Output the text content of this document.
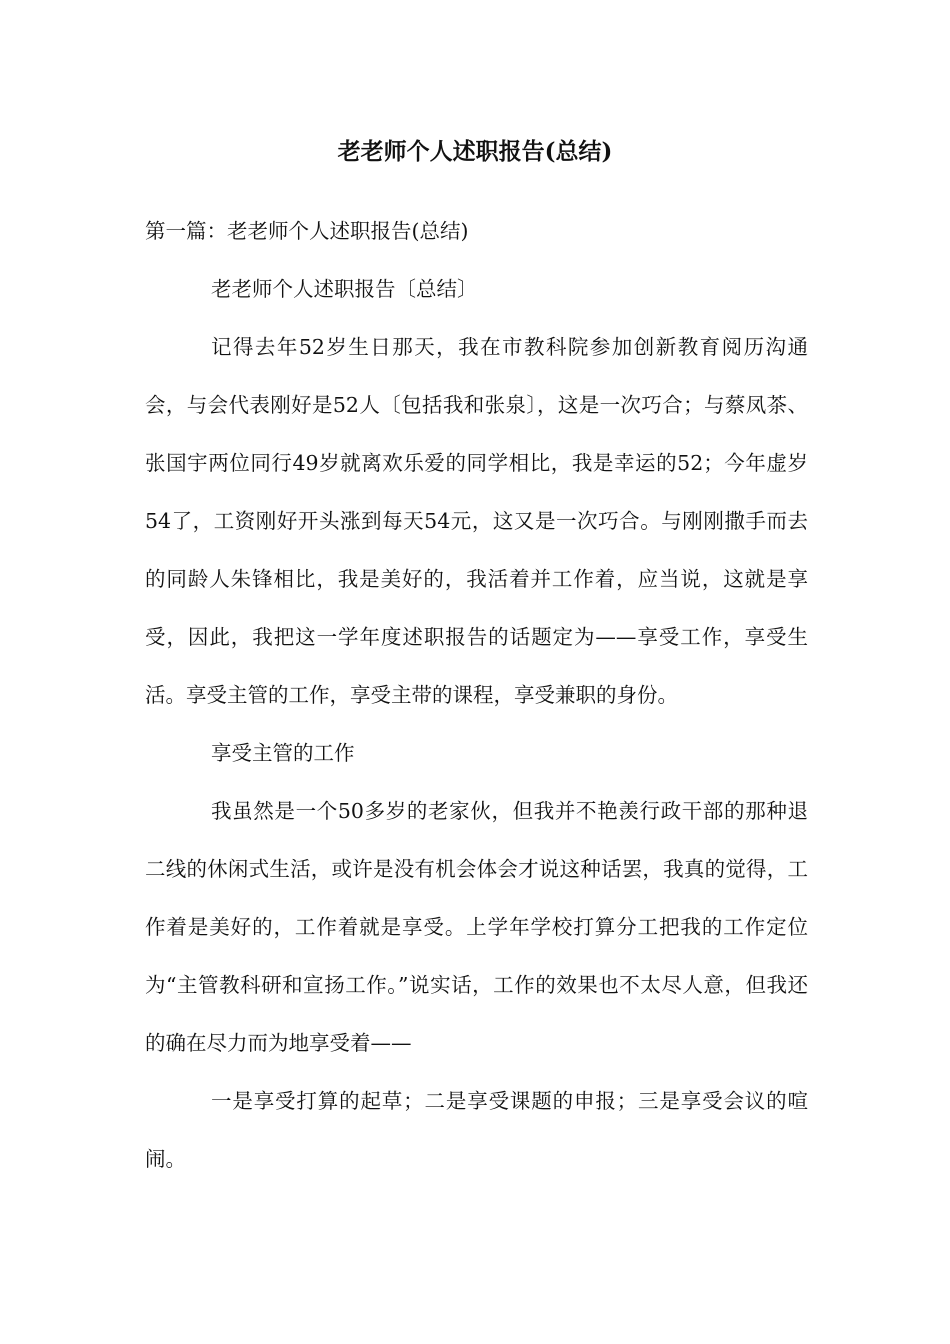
老老师个人述职报告(总结)

第一篇：老老师个人述职报告(总结)

老老师个人述职报告〔总结〕

记得去年52岁生日那天，我在市教科院参加创新教育阅历沟通会，与会代表刚好是52人〔包括我和张泉〕，这是一次巧合；与蔡凤茶、张国宇两位同行49岁就离欢乐爱的同学相比，我是幸运的52；今年虚岁54了，工资刚好开头涨到每天54元，这又是一次巧合。与刚刚撒手而去的同龄人朱锋相比，我是美好的，我活着并工作着，应当说，这就是享受，因此，我把这一学年度述职报告的话题定为——享受工作，享受生活。享受主管的工作，享受主带的课程，享受兼职的身份。

享受主管的工作

我虽然是一个50多岁的老家伙，但我并不艳羡行政干部的那种退二线的休闲式生活，或许是没有机会体会才说这种话罢，我真的觉得，工作着是美好的，工作着就是享受。上学年学校打算分工把我的工作定位为“主管教科研和宣扬工作。”说实话，工作的效果也不太尽人意，但我还的确在尽力而为地享受着——

一是享受打算的起草；二是享受课题的申报；三是享受会议的喧闹。
